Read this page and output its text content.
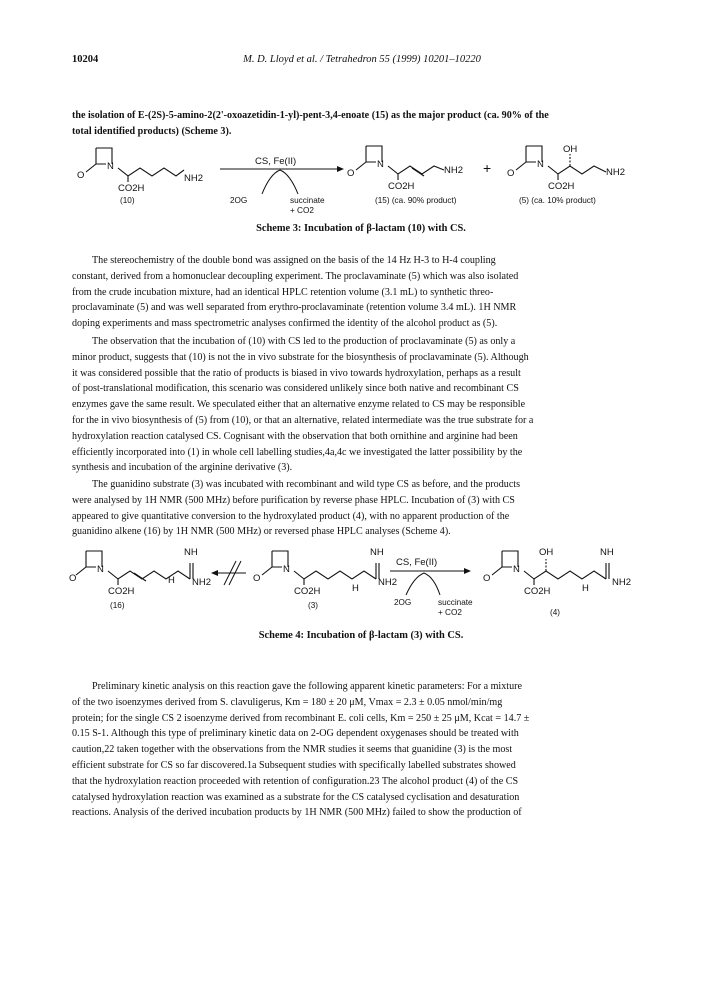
10204	M. D. Lloyd et al. / Tetrahedron 55 (1999) 10201–10220
the isolation of E-(2S)-5-amino-2(2'-oxoazetidin-1-yl)-pent-3,4-enoate (15) as the major product (ca. 90% of the
total identified products) (Scheme 3).
N
O	NH2
CO2H
(10)
CS, Fe(II)
2OG	succinate
+ CO2
N
O	NH2
CO2H
(15) (ca. 90% product)
+	N
O
OH
NH2
CO2H
(5) (ca. 10% product)
Scheme 3: Incubation of β-lactam (10) with CS.
The stereochemistry of the double bond was assigned on the basis of the 14 Hz H-3 to H-4 coupling
constant, derived from a homonuclear decoupling experiment. The proclavaminate (5) which was also isolated
from the crude incubation mixture, had an identical HPLC retention volume (3.1 mL) to synthetic threo-
proclavaminate (5) and was well separated from erythro-proclavaminate (retention volume 3.4 mL). 1H NMR
doping experiments and mass spectrometric analyses confirmed the identity of the alcohol product as (5).
The observation that the incubation of (10) with CS led to the production of proclavaminate (5) as only a
minor product, suggests that (10) is not the in vivo substrate for the biosynthesis of proclavaminate (5). Although
it was considered possible that the ratio of products is biased in vivo towards hydroxylation, perhaps as a result
of post-translational modification, this scenario was considered unlikely since both native and recombinant CS
enzymes gave the same result. We speculated either that an alternative enzyme related to CS may be responsible
for the in vivo biosynthesis of (5) from (10), or that an alternative, related intermediate was the true substrate for a
hydroxylation reaction catalysed CS. Cognisant with the observation that both ornithine and arginine had been
efficiently incorporated into (1) in whole cell labelling studies,4a,4c we investigated the latter possibility by the
synthesis and incubation of the arginine derivative (3).
The guanidino substrate (3) was incubated with recombinant and wild type CS as before, and the products
were analysed by 1H NMR (500 MHz) before purification by reverse phase HPLC. Incubation of (3) with CS
appeared to give quantitative conversion to the hydroxylated product (4), with no apparent production of the
guanidino alkene (16) by 1H NMR (500 MHz) or reversed phase HPLC analyses (Scheme 4).
N
O
NH
H NH2
CO2H
(16)
N
O
NH
H
NH2
CO2H
(3)
CS, Fe(II)
2OG	succinate
+ CO2
N
O
OH	NH
H
NH2
CO2H
(4)
Scheme 4: Incubation of β-lactam (3) with CS.
Preliminary kinetic analysis on this reaction gave the following apparent kinetic parameters: For a mixture
of the two isoenzymes derived from S. clavuligerus, Km = 180 ± 20 μM, Vmax = 2.3 ± 0.05 nmol/min/mg
protein; for the single CS 2 isoenzyme derived from recombinant E. coli cells, Km = 250 ± 25 μM, Kcat = 14.7 ±
0.15 S-1. Although this type of preliminary kinetic data on 2-OG dependent oxygenases should be treated with
caution,22 taken together with the observations from the NMR studies it seems that guanidine (3) is the most
efficient substrate for CS so far discovered.1a Subsequent studies with specifically labelled substrates showed
that the hydroxylation reaction proceeded with retention of configuration.23 The alcohol product (4) of the CS
catalysed hydroxylation reaction was examined as a substrate for the CS catalysed cyclisation and desaturation
reactions. Analysis of the derived incubation products by 1H NMR (500 MHz) failed to show the production of
